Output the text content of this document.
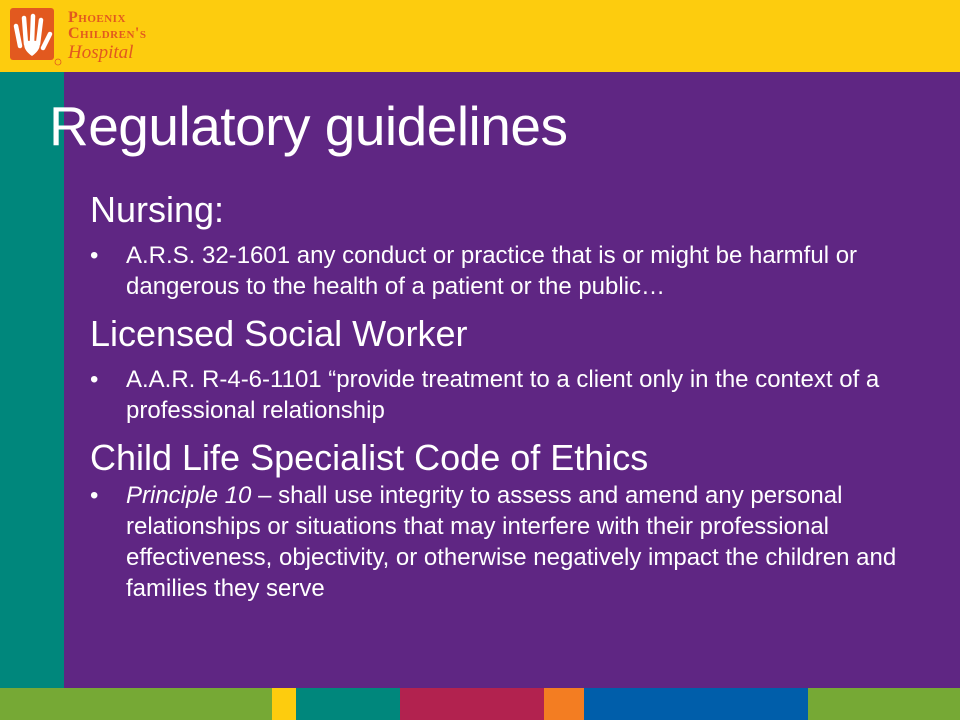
Phoenix
Children's
Hospital
Regulatory guidelines
Nursing:
• A.R.S. 32-1601 any conduct or practice that is or might be harmful or dangerous to the health of a patient or the public…
Licensed Social Worker
• A.A.R. R-4-6-1101 “provide treatment to a client only in the context of a professional relationship
Child Life Specialist Code of Ethics
• Principle 10 – shall use integrity to assess and amend any personal relationships or situations that may interfere with their professional effectiveness, objectivity, or otherwise negatively impact the children and families they serve
